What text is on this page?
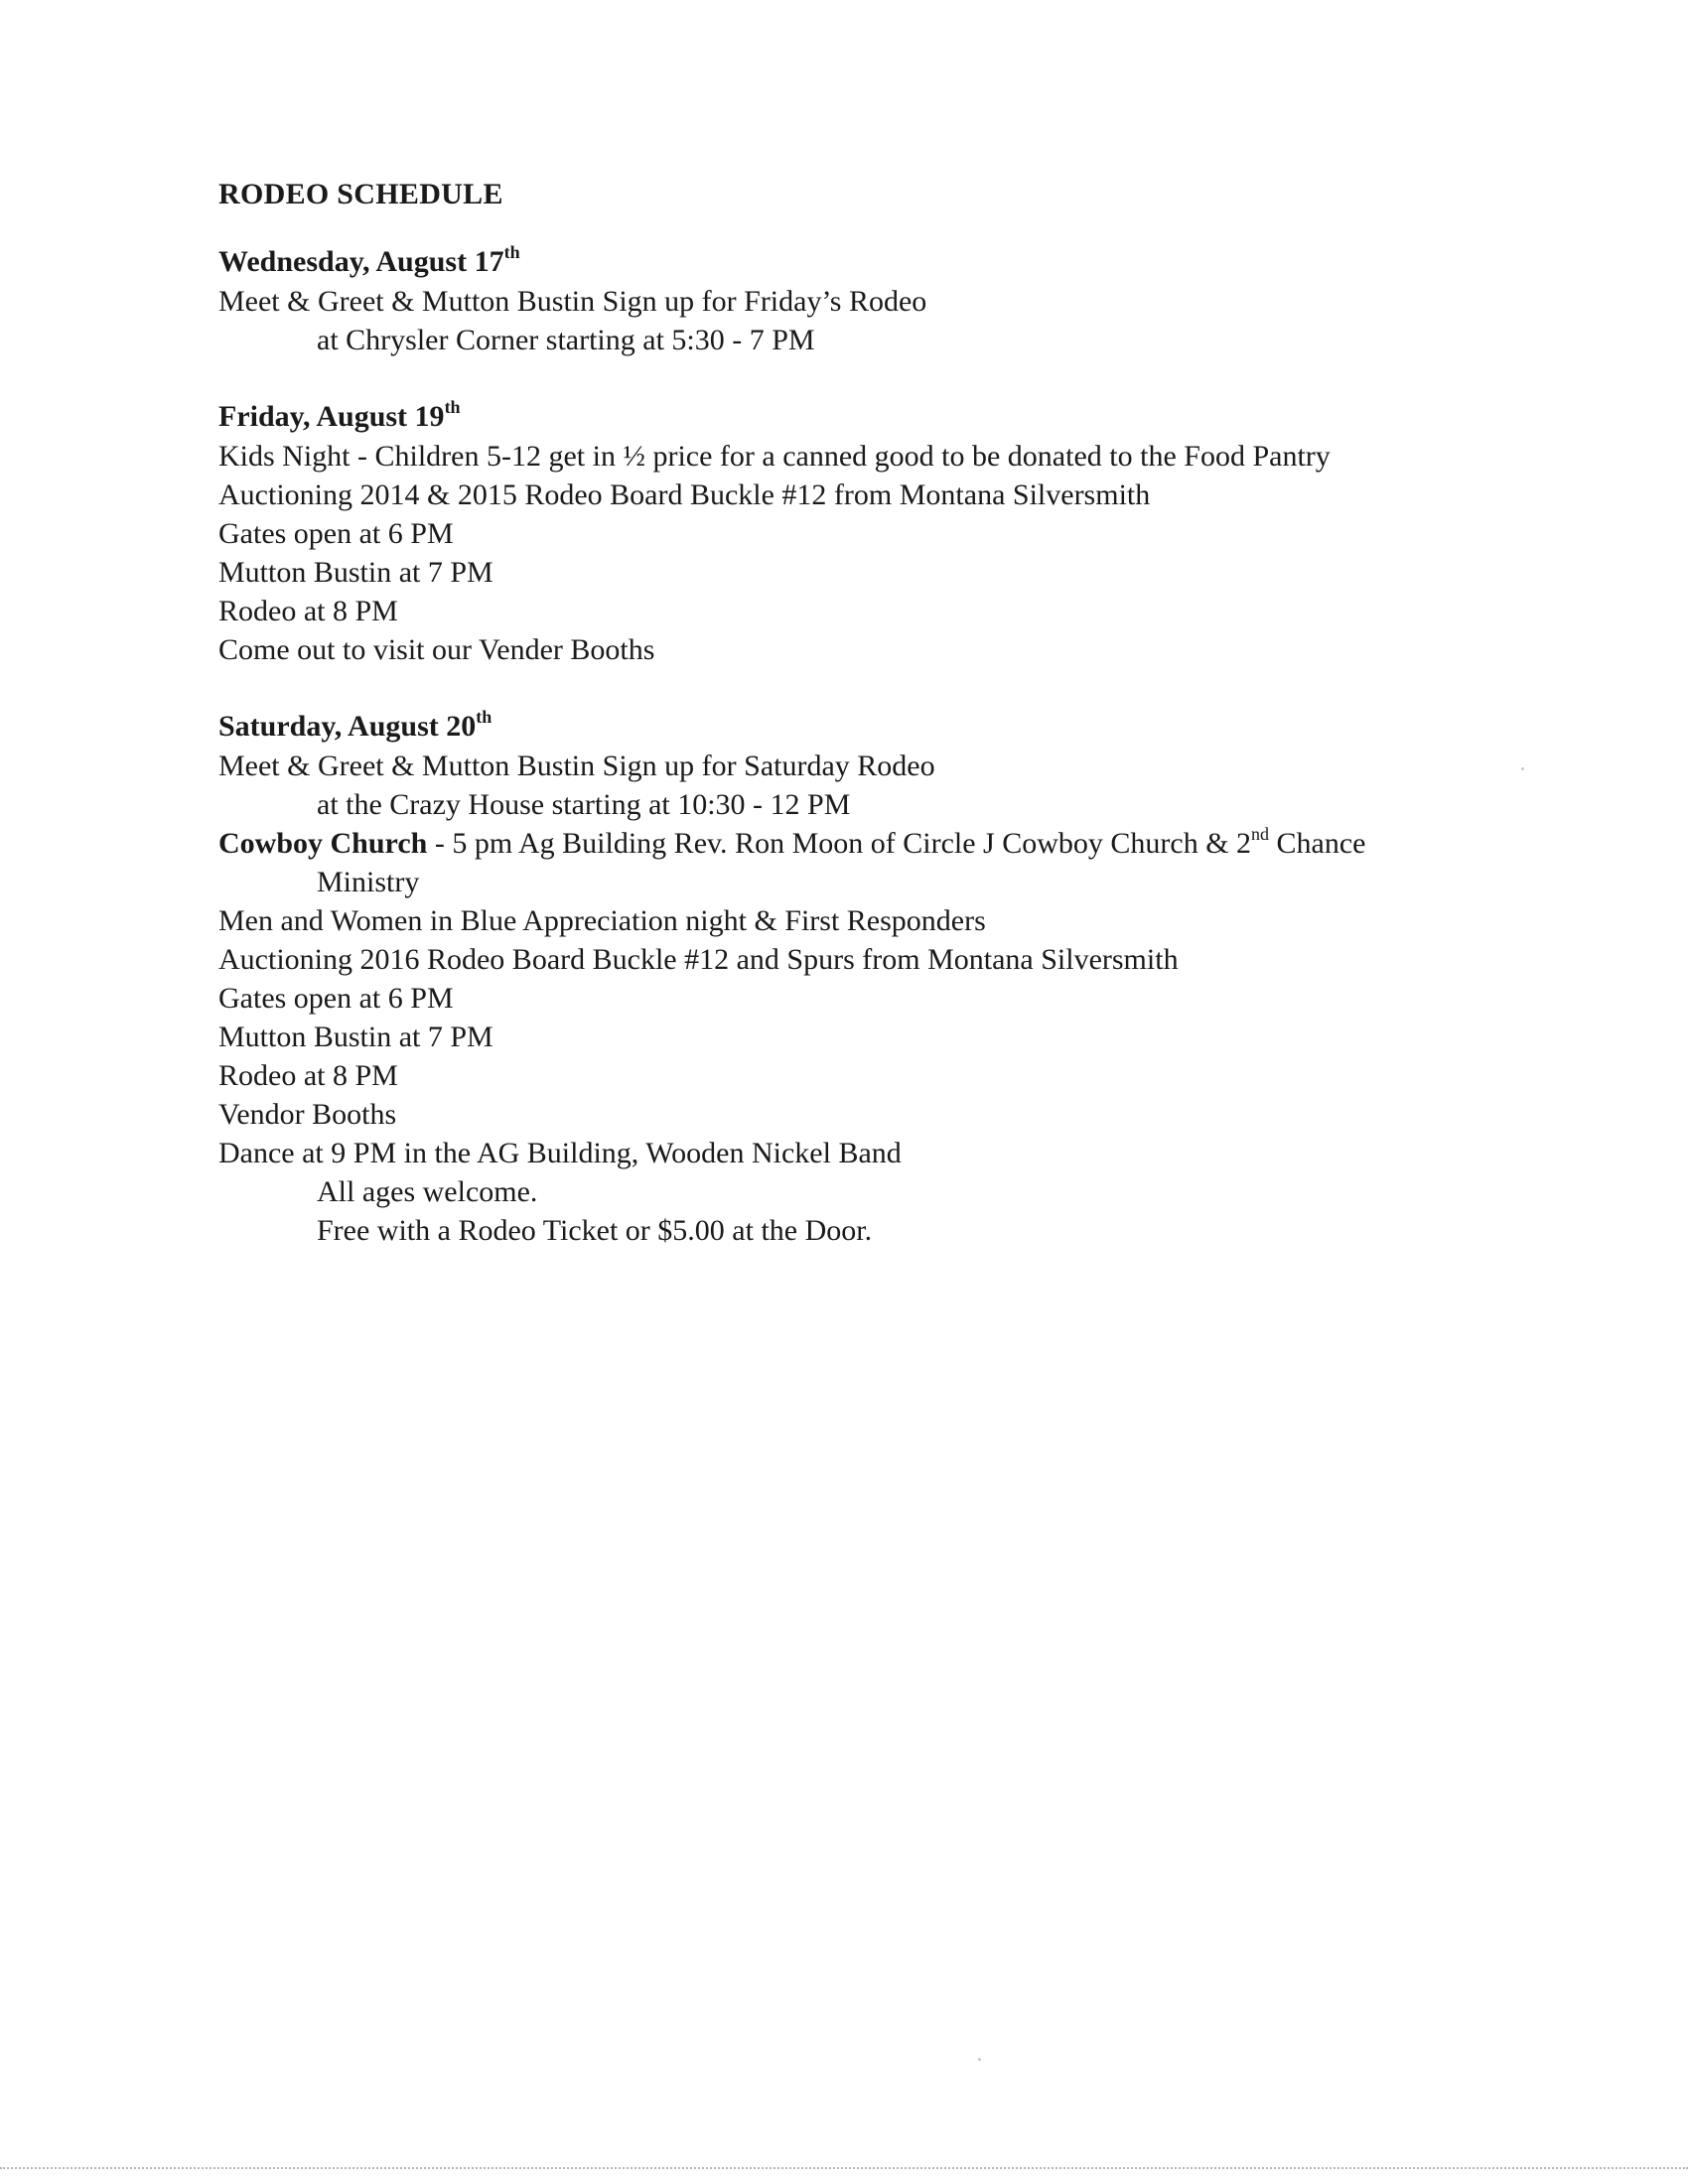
RODEO SCHEDULE
Wednesday, August 17th
Meet & Greet & Mutton Bustin Sign up for Friday’s Rodeo
at Chrysler Corner starting at 5:30 - 7 PM
Friday, August 19th
Kids Night - Children 5-12 get in ½ price for a canned good to be donated to the Food Pantry
Auctioning 2014 & 2015 Rodeo Board Buckle #12 from Montana Silversmith
Gates open at 6 PM
Mutton Bustin at 7 PM
Rodeo at 8 PM
Come out to visit our Vender Booths
Saturday, August 20th
Meet & Greet & Mutton Bustin Sign up for Saturday Rodeo
at the Crazy House starting at 10:30 - 12 PM
Cowboy Church - 5 pm Ag Building Rev. Ron Moon of Circle J Cowboy Church & 2nd Chance
Ministry
Men and Women in Blue Appreciation night & First Responders
Auctioning 2016 Rodeo Board Buckle #12 and Spurs from Montana Silversmith
Gates open at 6 PM
Mutton Bustin at 7 PM
Rodeo at 8 PM
Vendor Booths
Dance at 9 PM in the AG Building, Wooden Nickel Band
All ages welcome.
Free with a Rodeo Ticket or $5.00 at the Door.
